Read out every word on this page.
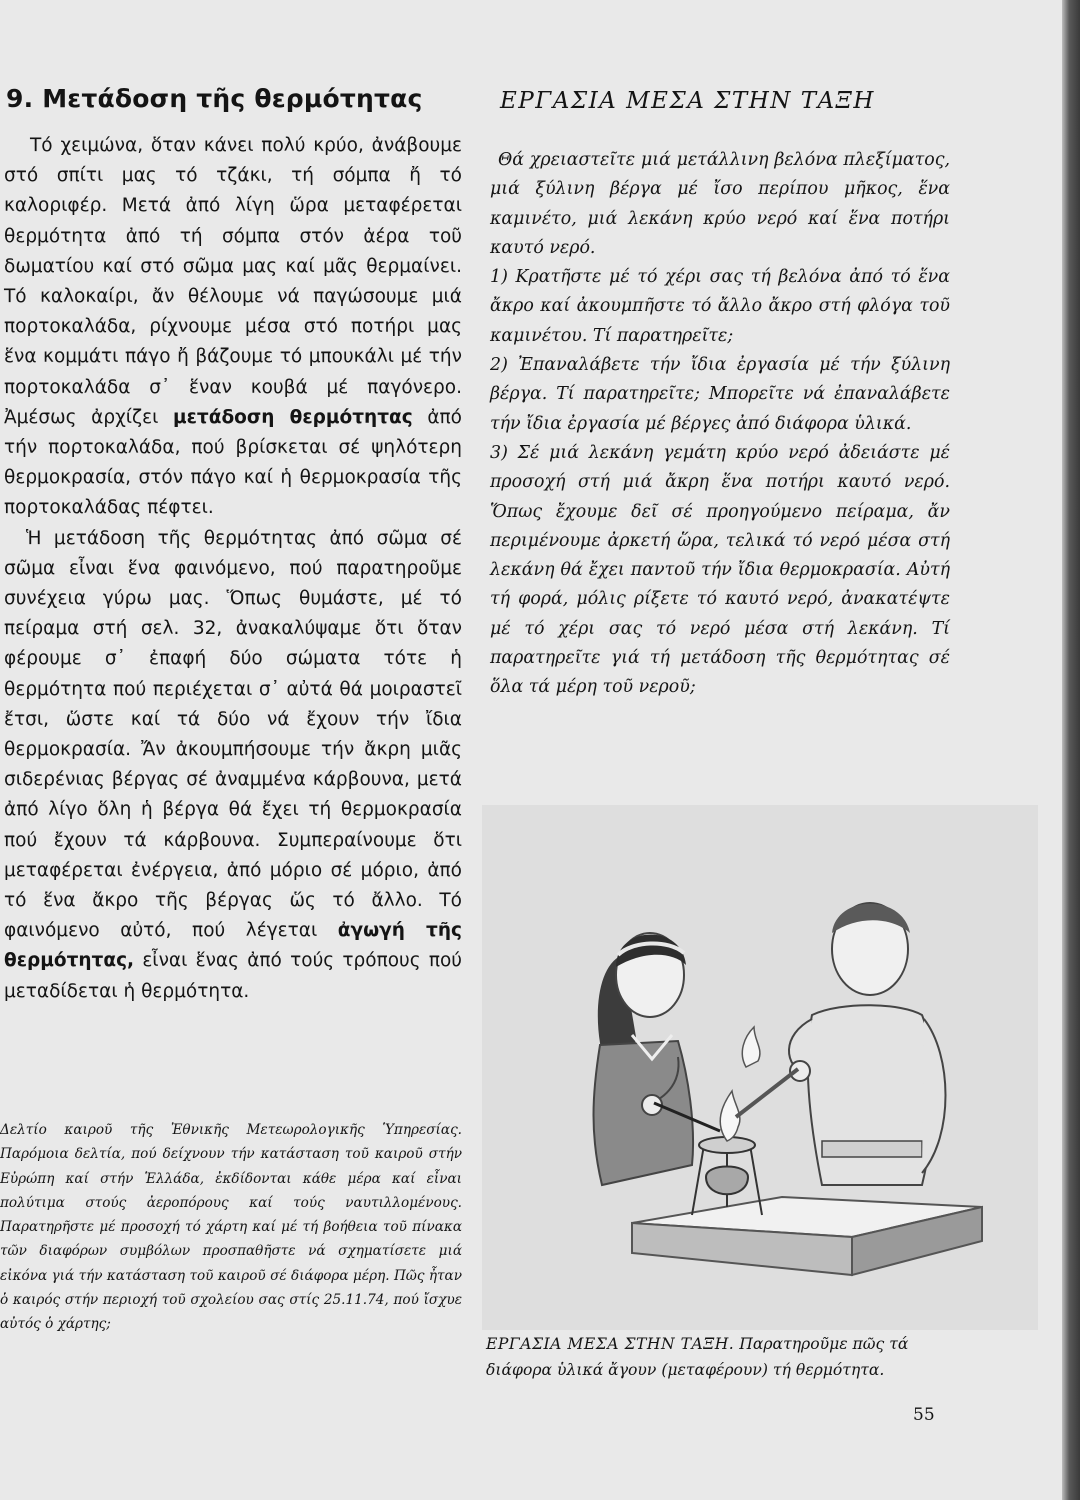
9. Μετάδοση τῆς θερμότητας

Τό χειμώνα, ὅταν κάνει πολύ κρύο, ἀνάβουμε στό σπίτι μας τό τζάκι, τή σόμπα ἤ τό καλοριφέρ. Μετά ἀπό λίγη ὥρα μεταφέρεται θερμότητα ἀπό τή σόμπα στόν ἀέρα τοῦ δωματίου καί στό σῶμα μας καί μᾶς θερμαίνει. Τό καλοκαίρι, ἄν θέλουμε νά παγώσουμε μιά πορτοκαλάδα, ρίχνουμε μέσα στό ποτήρι μας ἕνα κομμάτι πάγο ἤ βάζουμε τό μπουκάλι μέ τήν πορτοκαλάδα σ᾿ ἕναν κουβά μέ παγόνερο. Ἀμέσως ἀρχίζει μετάδοση θερμότητας ἀπό τήν πορτοκαλάδα, πού βρίσκεται σέ ψηλότερη θερμοκρασία, στόν πάγο καί ἡ θερμοκρασία τῆς πορτοκαλάδας πέφτει.

Ἡ μετάδοση τῆς θερμότητας ἀπό σῶμα σέ σῶμα εἶναι ἕνα φαινόμενο, πού παρατηροῦμε συνέχεια γύρω μας. Ὅπως θυμάστε, μέ τό πείραμα στή σελ. 32, ἀνακαλύψαμε ὅτι ὅταν φέρουμε σ᾿ ἐπαφή δύο σώματα τότε ἡ θερμότητα πού περιέχεται σ᾿ αὐτά θά μοιραστεῖ ἔτσι, ὥστε καί τά δύο νά ἔχουν τήν ἴδια θερμοκρασία. Ἄν ἀκουμπήσουμε τήν ἄκρη μιᾶς σιδερένιας βέργας σέ ἀναμμένα κάρβουνα, μετά ἀπό λίγο ὅλη ἡ βέργα θά ἔχει τή θερμοκρασία πού ἔχουν τά κάρβουνα. Συμπεραίνουμε ὅτι μεταφέρεται ἐνέργεια, ἀπό μόριο σέ μόριο, ἀπό τό ἕνα ἄκρο τῆς βέργας ὥς τό ἄλλο. Τό φαινόμενο αὐτό, πού λέγεται ἀγωγή τῆς θερμότητας, εἶναι ἕνας ἀπό τούς τρόπους πού μεταδίδεται ἡ θερμότητα.

Δελτίο καιροῦ τῆς Ἐθνικῆς Μετεωρολογικῆς Ὑπηρεσίας. Παρόμοια δελτία, πού δείχνουν τήν κατάσταση τοῦ καιροῦ στήν Εὐρώπη καί στήν Ἑλλάδα, ἐκδίδονται κάθε μέρα καί εἶναι πολύτιμα στούς ἀεροπόρους καί τούς ναυτιλλομένους. Παρατηρῆστε μέ προσοχή τό χάρτη καί μέ τή βοήθεια τοῦ πίνακα τῶν διαφόρων συμβόλων προσπαθῆστε νά σχηματίσετε μιά εἰκόνα γιά τήν κατάσταση τοῦ καιροῦ σέ διάφορα μέρη. Πῶς ἦταν ὁ καιρός στήν περιοχή τοῦ σχολείου σας στίς 25.11.74, πού ἴσχυε αὐτός ὁ χάρτης;

ΕΡΓΑΣΙΑ ΜΕΣΑ ΣΤΗΝ ΤΑΞΗ

Θά χρειαστεῖτε μιά μετάλλινη βελόνα πλεξίματος, μιά ξύλινη βέργα μέ ἴσο περίπου μῆκος, ἕνα καμινέτο, μιά λεκάνη κρύο νερό καί ἕνα ποτήρι καυτό νερό.

1) Κρατῆστε μέ τό χέρι σας τή βελόνα ἀπό τό ἕνα ἄκρο καί ἀκουμπῆστε τό ἄλλο ἄκρο στή φλόγα τοῦ καμινέτου. Τί παρατηρεῖτε;

2) Ἐπαναλάβετε τήν ἴδια ἐργασία μέ τήν ξύλινη βέργα. Τί παρατηρεῖτε; Μπορεῖτε νά ἐπαναλάβετε τήν ἴδια ἐργασία μέ βέργες ἀπό διάφορα ὑλικά.

3) Σέ μιά λεκάνη γεμάτη κρύο νερό ἀδειάστε μέ προσοχή στή μιά ἄκρη ἕνα ποτήρι καυτό νερό. Ὅπως ἔχουμε δεῖ σέ προηγούμενο πείραμα, ἄν περιμένουμε ἀρκετή ὥρα, τελικά τό νερό μέσα στή λεκάνη θά ἔχει παντοῦ τήν ἴδια θερμοκρασία. Αὐτή τή φορά, μόλις ρίξετε τό καυτό νερό, ἀνακατέψτε μέ τό χέρι σας τό νερό μέσα στή λεκάνη. Τί παρατηρεῖτε γιά τή μετάδοση τῆς θερμότητας σέ ὅλα τά μέρη τοῦ νεροῦ;

ΕΡΓΑΣΙΑ ΜΕΣΑ ΣΤΗΝ ΤΑΞΗ. Παρατηροῦμε πῶς τά διάφορα ὑλικά ἄγουν (μεταφέρουν) τή θερμότητα.

55
